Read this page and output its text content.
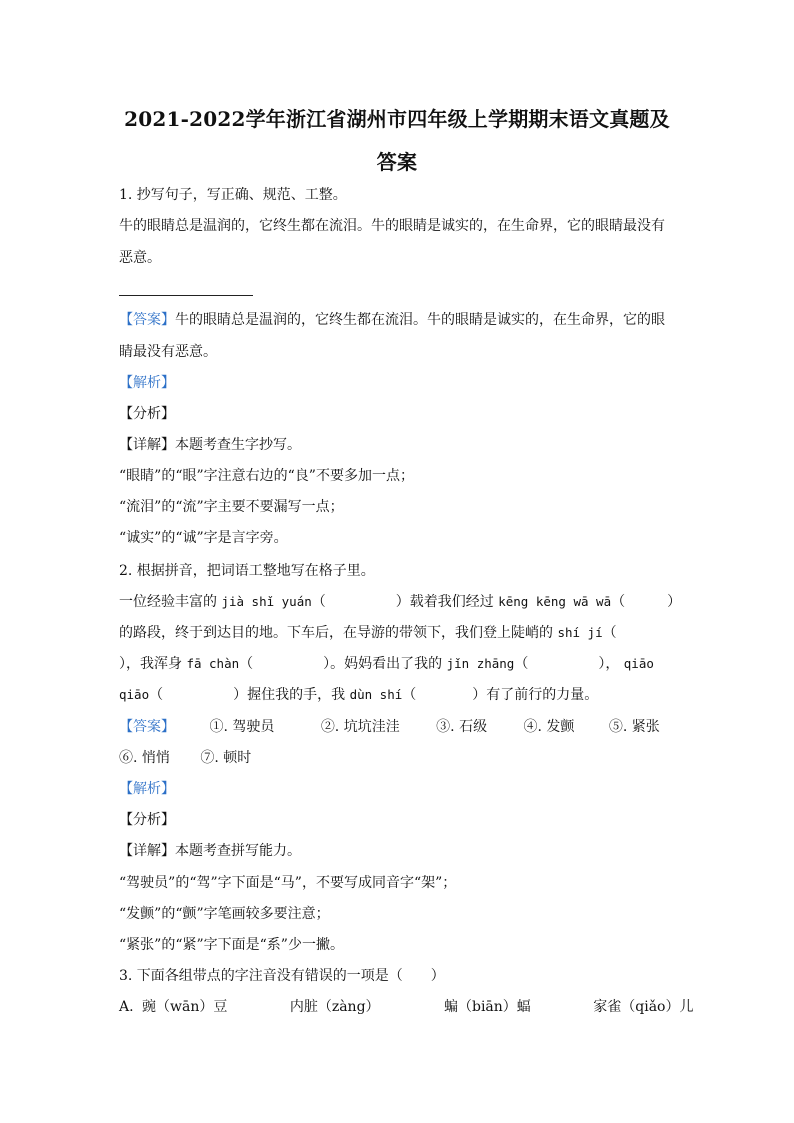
2021-2022学年浙江省湖州市四年级上学期期末语文真题及
答案
1. 抄写句子，写正确、规范、工整。
牛的眼睛总是温润的，它终生都在流泪。牛的眼睛是诚实的，在生命界，它的眼睛最没有
恶意。
【答案】牛的眼睛总是温润的，它终生都在流泪。牛的眼睛是诚实的，在生命界，它的眼
睛最没有恶意。
【解析】
【分析】
【详解】本题考查生字抄写。
“眼睛”的“眼”字注意右边的“良”不要多加一点；
“流泪”的“流”字主要不要漏写一点；
“诚实”的“诚”字是言字旁。
2. 根据拼音，把词语工整地写在格子里。
一位经验丰富的 jià shǐ yuán（　　　　　）载着我们经过 kēng kēng wā wā（　　　）
的路段，终于到达目的地。下车后，在导游的带领下，我们登上陡峭的 shí jí（
），我浑身 fā chàn（　　　　　）。妈妈看出了我的 jǐn zhāng（　　　　　）， qiāo
qiāo（　　　　　）握住我的手，我 dùn shí（　　　　）有了前行的力量。
【答案】 ①. 驾驶员	②. 坑坑洼洼	③. 石级	④. 发颤 ⑤. 紧张
⑥. 悄悄 ⑦. 顿时
【解析】
【分析】
【详解】本题考查拼写能力。
“驾驶员”的“驾”字下面是“马”，不要写成同音字“架”；
“发颤”的“颤”字笔画较多要注意；
“紧张”的“紧”字下面是“系”少一撇。
3. 下面各组带点的字注音没有错误的一项是（　　）
A. 豌（wān）豆	内脏（zàng）	蝙（biān）蝠	家雀（qiǎo）儿
